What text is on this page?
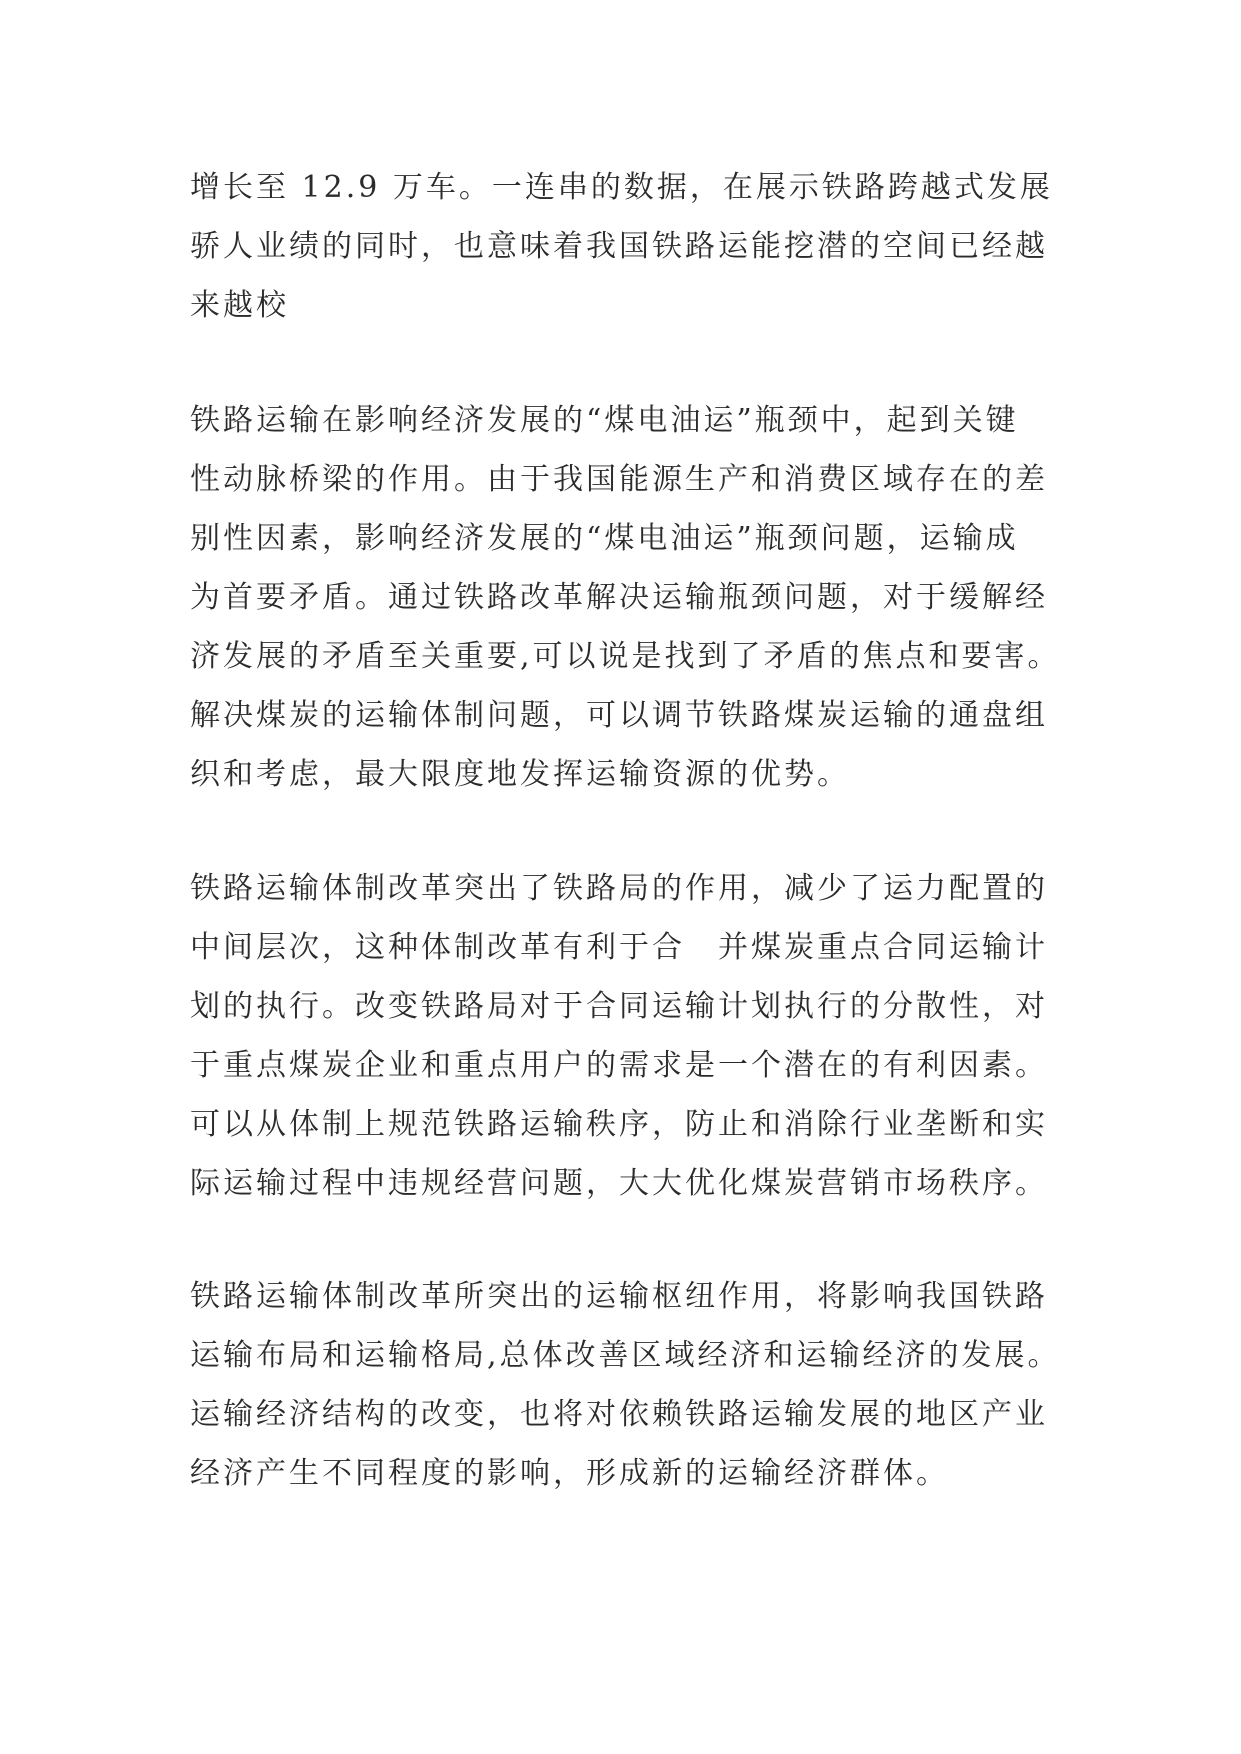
增长至 12.9 万车。一连串的数据，在展示铁路跨越式发展
骄人业绩的同时，也意味着我国铁路运能挖潜的空间已经越
来越校

铁路运输在影响经济发展的“煤电油运”瓶颈中，起到关键
性动脉桥梁的作用。由于我国能源生产和消费区域存在的差
别性因素，影响经济发展的“煤电油运”瓶颈问题，运输成
为首要矛盾。通过铁路改革解决运输瓶颈问题，对于缓解经
济发展的矛盾至关重要,可以说是找到了矛盾的焦点和要害。
解决煤炭的运输体制问题，可以调节铁路煤炭运输的通盘组
织和考虑，最大限度地发挥运输资源的优势。

铁路运输体制改革突出了铁路局的作用，减少了运力配置的
中间层次，这种体制改革有利于合　并煤炭重点合同运输计
划的执行。改变铁路局对于合同运输计划执行的分散性，对
于重点煤炭企业和重点用户的需求是一个潜在的有利因素。
可以从体制上规范铁路运输秩序，防止和消除行业垄断和实
际运输过程中违规经营问题，大大优化煤炭营销市场秩序。

铁路运输体制改革所突出的运输枢纽作用，将影响我国铁路
运输布局和运输格局,总体改善区域经济和运输经济的发展。
运输经济结构的改变，也将对依赖铁路运输发展的地区产业
经济产生不同程度的影响，形成新的运输经济群体。
